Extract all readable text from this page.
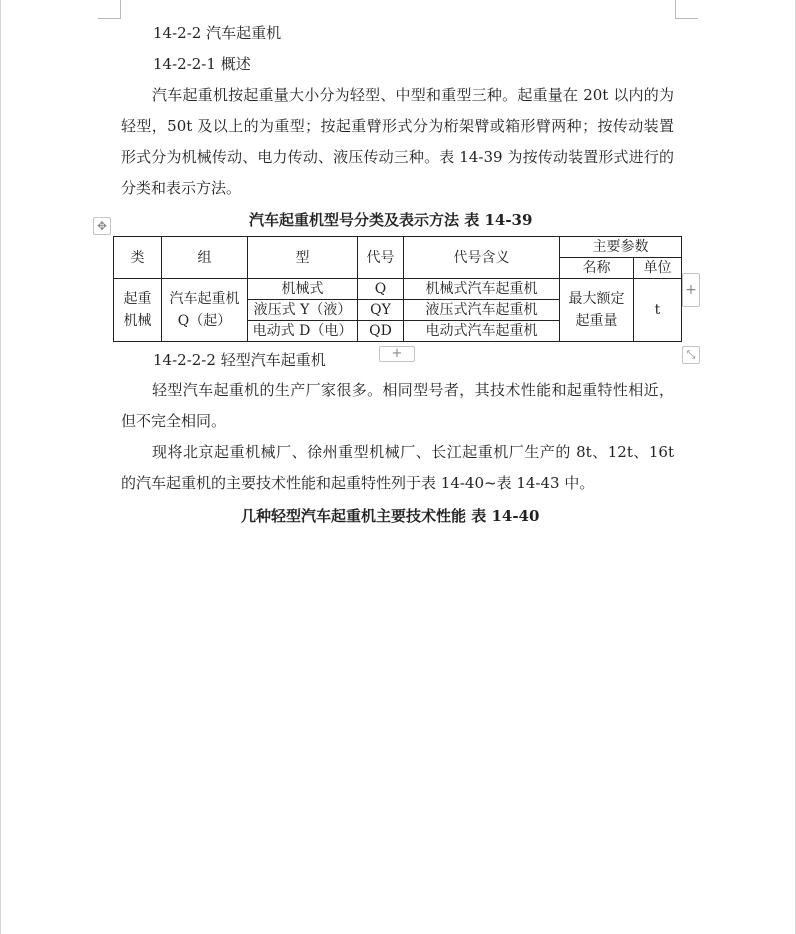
14-2-2 汽车起重机
14-2-2-1 概述
汽车起重机按起重量大小分为轻型、中型和重型三种。起重量在 20t 以内的为轻型，50t 及以上的为重型；按起重臂形式分为桁架臂或箱形臂两种；按传动装置形式分为机械传动、电力传动、液压传动三种。表 14-39 为按传动装置形式进行的分类和表示方法。
汽车起重机型号分类及表示方法 表 14-39
✥
类	组	型	代号	代号含义	主要参数	
					名称	单位
起重机械	汽车起重机Q（起）	机械式	Q	机械式汽车起重机	最大额定起重量	t
		液压式 Y（液）	QY	液压式汽车起重机		
		电动式 D（电）	QD	电动式汽车起重机		
+
+	⤡
14-2-2-2 轻型汽车起重机
轻型汽车起重机的生产厂家很多。相同型号者，其技术性能和起重特性相近，但不完全相同。
现将北京起重机械厂、徐州重型机械厂、长江起重机厂生产的 8t、12t、16t 的汽车起重机的主要技术性能和起重特性列于表 14-40~表 14-43 中。
几种轻型汽车起重机主要技术性能 表 14-40
